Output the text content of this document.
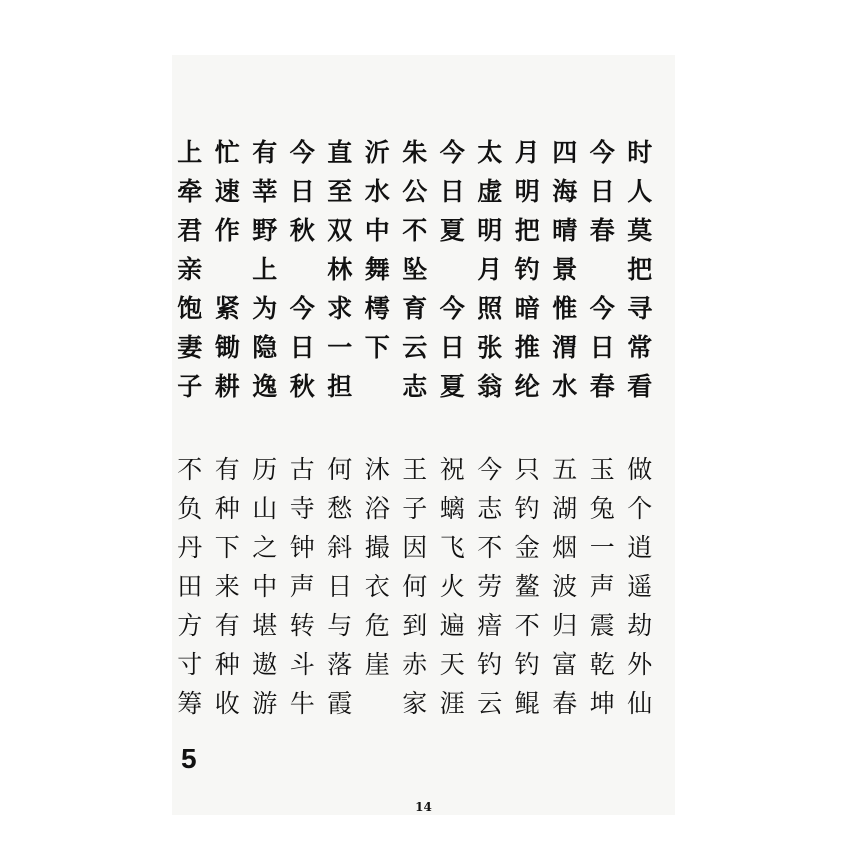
时
人
莫
把
寻
常
看
今
日
春
今
日
春
四
海
晴
景
惟
渭
水
月
明
把
钓
暗
推
纶
太
虚
明
月
照
张
翁
今
日
夏
今
日
夏
朱
公
不
坠
育
云
志
沂
水
中
舞
樗
下
直
至
双
林
求
一
担
今
日
秋
今
日
秋
有
莘
野
上
为
隐
逸
忙
速
作
紧
锄
耕
上
牵
君
亲
饱
妻
子
做
个
逍
遥
劫
外
仙
玉
兔
一
声
震
乾
坤
五
湖
烟
波
归
富
春
只
钓
金
鳌
不
钓
鲲
今
志
不
劳
瘖
钓
云
祝
螭
飞
火
遍
天
涯
王
子
因
何
到
赤
家
沐
浴
撮
衣
危
崖
何
愁
斜
日
与
落
霞
古
寺
钟
声
转
斗
牛
历
山
之
中
堪
遨
游
有
种
下
来
有
种
收
不
负
丹
田
方
寸
筹
5
14
